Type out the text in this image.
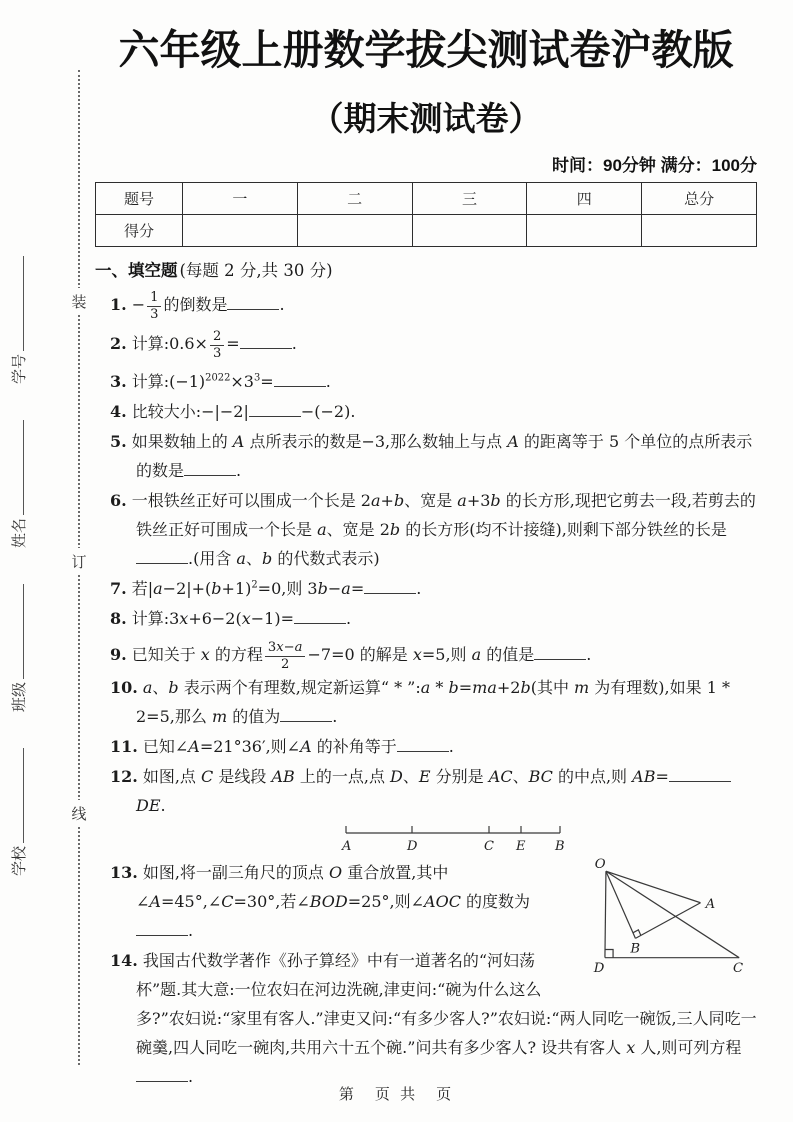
装
订
线
学号
姓名
班级
学校
六年级上册数学拔尖测试卷沪教版
（期末测试卷）
时间：90分钟 满分：100分
题号	一	二	三	四	总分
得分					
一、填空题 (每题 2 分,共 30 分)
1. − $\frac{1}{3}$ 的倒数是	.
2. 计算:0.6× $\frac{2}{3}$ =	.
3. 计算$:(-1)^{2022}\times 3^3=$	.
4. 比较大小:−|−2|	−(−2).
5. 如果数轴上的 A 点所表示的数是−3,那么数轴上与点 A 的距离等于 5 个单位的点所表示的数是	.
6. 一根铁丝正好可以围成一个长是 2a+b、宽是 a+3b 的长方形,现把它剪去一段,若剪去的铁丝正好可围成一个长是 a、宽是 2b 的长方形(均不计接缝),则剩下部分铁丝的长是.(用含 a、b 的代数式表示)
7. 若$|a-2|+(b+1)^2=0$,则 3b−a=	.
8. 计算:3x+6−2(x−1)=	.
9. 已知关于 x 的方程 $\frac{3x-a}{2} -7=0$ 的解是 x=5,则 a 的值是	.
10. a、b 表示两个有理数,规定新运算“ * ”:a * b=ma+2b(其中 m 为有理数),如果 1 * 2=5,那么 m 的值为	.
11. 已知∠A=21°36′,则∠A 的补角等于	.
12. 如图,点 C 是线段 AB 上的一点,点 D、E 分别是 AC、BC 的中点,则 AB= DE.
A	D	C E B
O
A
B
D	C
13. 如图,将一副三角尺的顶点 O 重合放置,其中∠A=45°,∠C=30°,若∠BOD=25°,则∠AOC 的度数为.
14. 我国古代数学著作《孙子算经》中有一道著名的“河妇荡杯”题.其大意:一位农妇在河边洗碗,津吏问:“碗为什么这么多?”农妇说:“家里有客人.”津吏又问:“有多少客人?”农妇说:“两人同吃一碗饭,三人同吃一碗羹,四人同吃一碗肉,共用六十五个碗.”问共有多少客人? 设共有客人 x 人,则可列方程.
第　页 共　页
